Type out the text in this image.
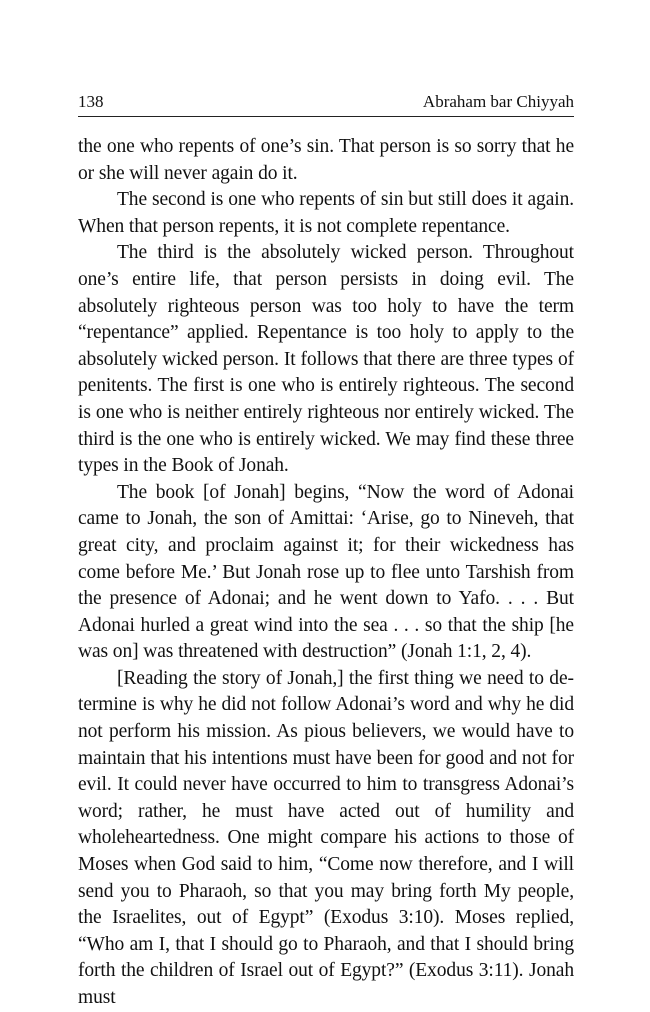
138	Abraham bar Chiyyah

the one who repents of one’s sin. That person is so sorry that he or she will never again do it.

The second is one who repents of sin but still does it again. When that person repents, it is not complete repentance.

The third is the absolutely wicked person. Throughout one’s entire life, that person persists in doing evil. The absolutely righteous person was too holy to have the term “repentance” applied. Repentance is too holy to apply to the absolutely wicked person. It follows that there are three types of penitents. The first is one who is entirely righteous. The second is one who is neither entirely righteous nor entirely wicked. The third is the one who is entirely wicked. We may find these three types in the Book of Jonah.

The book [of Jonah] begins, “Now the word of Adonai came to Jonah, the son of Amittai: ‘Arise, go to Nineveh, that great city, and proclaim against it; for their wickedness has come before Me.’ But Jonah rose up to flee unto Tarshish from the presence of Adonai; and he went down to Yafo. . . . But Adonai hurled a great wind into the sea . . . so that the ship [he was on] was threatened with destruction” (Jonah 1:1, 2, 4).

[Reading the story of Jonah,] the first thing we need to determine is why he did not follow Adonai’s word and why he did not perform his mission. As pious believers, we would have to maintain that his intentions must have been for good and not for evil. It could never have occurred to him to transgress Adonai’s word; rather, he must have acted out of humility and wholeheartedness. One might compare his actions to those of Moses when God said to him, “Come now therefore, and I will send you to Pharaoh, so that you may bring forth My people, the Israelites, out of Egypt” (Exodus 3:10). Moses replied, “Who am I, that I should go to Pharaoh, and that I should bring forth the children of Israel out of Egypt?” (Exodus 3:11). Jonah must
